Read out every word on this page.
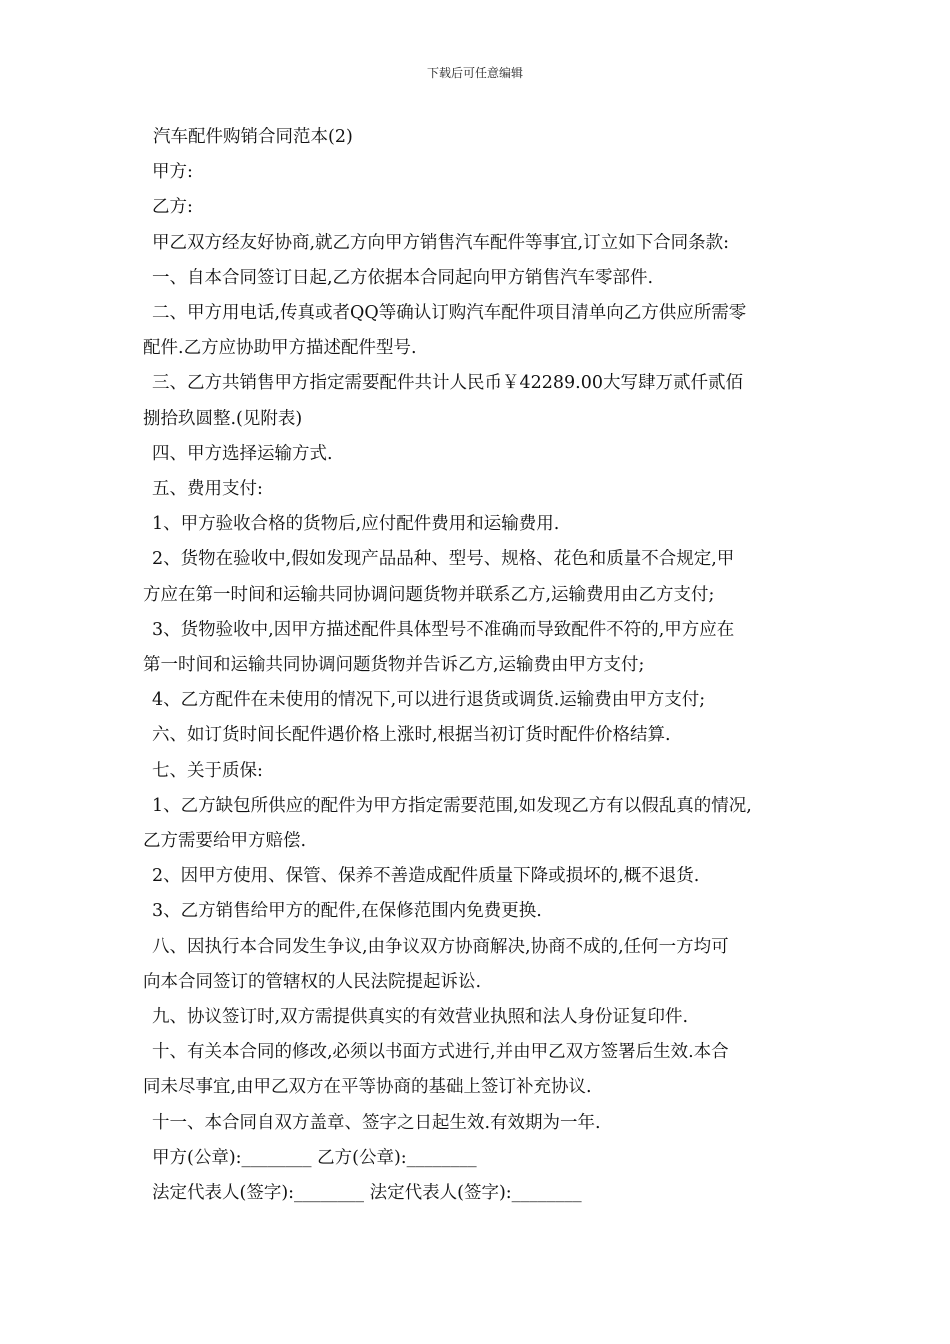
下载后可任意编辑
汽车配件购销合同范本(2)
甲方:
乙方:
甲乙双方经友好协商,就乙方向甲方销售汽车配件等事宜,订立如下合同条款:
一、自本合同签订日起,乙方依据本合同起向甲方销售汽车零部件.
二、甲方用电话,传真或者QQ等确认订购汽车配件项目清单向乙方供应所需零
配件.乙方应协助甲方描述配件型号.
三、乙方共销售甲方指定需要配件共计人民币￥42289.00大写肆万贰仟贰佰
捌拾玖圆整.(见附表)
四、甲方选择运输方式.
五、费用支付:
1、甲方验收合格的货物后,应付配件费用和运输费用.
2、货物在验收中,假如发现产品品种、型号、规格、花色和质量不合规定,甲
方应在第一时间和运输共同协调问题货物并联系乙方,运输费用由乙方支付;
3、货物验收中,因甲方描述配件具体型号不准确而导致配件不符的,甲方应在
第一时间和运输共同协调问题货物并告诉乙方,运输费由甲方支付;
4、乙方配件在未使用的情况下,可以进行退货或调货.运输费由甲方支付;
六、如订货时间长配件遇价格上涨时,根据当初订货时配件价格结算.
七、关于质保:
1、乙方缺包所供应的配件为甲方指定需要范围,如发现乙方有以假乱真的情况,
乙方需要给甲方赔偿.
2、因甲方使用、保管、保养不善造成配件质量下降或损坏的,概不退货.
3、乙方销售给甲方的配件,在保修范围内免费更换.
八、因执行本合同发生争议,由争议双方协商解决,协商不成的,任何一方均可
向本合同签订的管辖权的人民法院提起诉讼.
九、协议签订时,双方需提供真实的有效营业执照和法人身份证复印件.
十、有关本合同的修改,必须以书面方式进行,并由甲乙双方签署后生效.本合
同未尽事宜,由甲乙双方在平等协商的基础上签订补充协议.
十一、本合同自双方盖章、签字之日起生效.有效期为一年.
甲方(公章):________ 乙方(公章):________
法定代表人(签字):________ 法定代表人(签字):________
